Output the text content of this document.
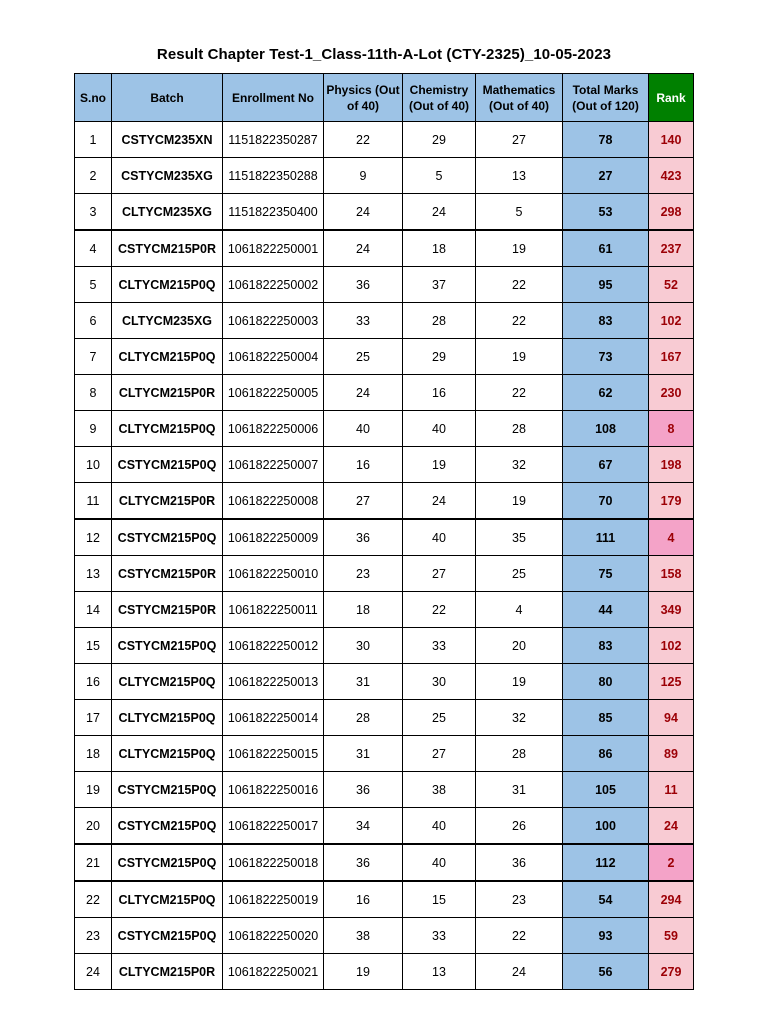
Result Chapter Test-1_Class-11th-A-Lot (CTY-2325)_10-05-2023
S.no	Batch	Enrollment No	Physics (Out of 40)	Chemistry (Out of 40)	Mathematics (Out of 40)	Total Marks (Out of 120)	Rank
1	CSTYCM235XN	1151822350287	22	29	27	78	140
2	CSTYCM235XG	1151822350288	9	5	13	27	423
3	CLTYCM235XG	1151822350400	24	24	5	53	298
4	CSTYCM215P0R	1061822250001	24	18	19	61	237
5	CLTYCM215P0Q	1061822250002	36	37	22	95	52
6	CLTYCM235XG	1061822250003	33	28	22	83	102
7	CLTYCM215P0Q	1061822250004	25	29	19	73	167
8	CLTYCM215P0R	1061822250005	24	16	22	62	230
9	CLTYCM215P0Q	1061822250006	40	40	28	108	8
10	CSTYCM215P0Q	1061822250007	16	19	32	67	198
11	CLTYCM215P0R	1061822250008	27	24	19	70	179
12	CSTYCM215P0Q	1061822250009	36	40	35	111	4
13	CSTYCM215P0R	1061822250010	23	27	25	75	158
14	CSTYCM215P0R	1061822250011	18	22	4	44	349
15	CSTYCM215P0Q	1061822250012	30	33	20	83	102
16	CLTYCM215P0Q	1061822250013	31	30	19	80	125
17	CLTYCM215P0Q	1061822250014	28	25	32	85	94
18	CLTYCM215P0Q	1061822250015	31	27	28	86	89
19	CSTYCM215P0Q	1061822250016	36	38	31	105	11
20	CSTYCM215P0Q	1061822250017	34	40	26	100	24
21	CSTYCM215P0Q	1061822250018	36	40	36	112	2
22	CLTYCM215P0Q	1061822250019	16	15	23	54	294
23	CSTYCM215P0Q	1061822250020	38	33	22	93	59
24	CLTYCM215P0R	1061822250021	19	13	24	56	279
